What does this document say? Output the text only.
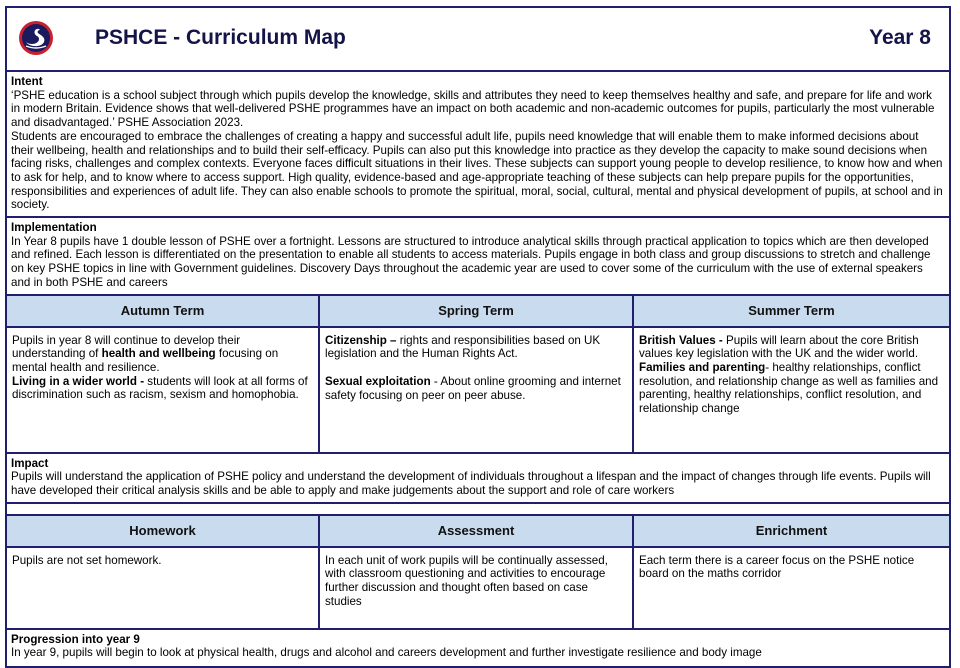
PSHCE - Curriculum Map	Year 8
Intent

‘PSHE education is a school subject through which pupils develop the knowledge, skills and attributes they need to keep themselves healthy and safe, and prepare for life and work in modern Britain. Evidence shows that well-delivered PSHE programmes have an impact on both academic and non-academic outcomes for pupils, particularly the most vulnerable and disadvantaged.’ PSHE Association 2023.

Students are encouraged to embrace the challenges of creating a happy and successful adult life, pupils need knowledge that will enable them to make informed decisions about their wellbeing, health and relationships and to build their self-efficacy. Pupils can also put this knowledge into practice as they develop the capacity to make sound decisions when facing risks, challenges and complex contexts. Everyone faces difficult situations in their lives. These subjects can support young people to develop resilience, to know how and when to ask for help, and to know where to access support. High quality, evidence-based and age-appropriate teaching of these subjects can help prepare pupils for the opportunities, responsibilities and experiences of adult life. They can also enable schools to promote the spiritual, moral, social, cultural, mental and physical development of pupils, at school and in society.

Implementation

In Year 8 pupils have 1 double lesson of PSHE over a fortnight. Lessons are structured to introduce analytical skills through practical application to topics which are then developed and refined. Each lesson is differentiated on the presentation to enable all students to access materials. Pupils engage in both class and group discussions to stretch and challenge on key PSHE topics in line with Government guidelines. Discovery Days throughout the academic year are used to cover some of the curriculum with the use of external speakers and in both PSHE and careers

Autumn Term

Pupils in year 8 will continue to develop their understanding of health and wellbeing focusing on mental health and resilience.

Living in a wider world - students will look at all forms of discrimination such as racism, sexism and homophobia.

Spring Term

Citizenship – rights and responsibilities based on UK legislation and the Human Rights Act.

Sexual exploitation - About online grooming and internet safety focusing on peer on peer abuse.

Summer Term

British Values - Pupils will learn about the core British values key legislation with the UK and the wider world.

Families and parenting- healthy relationships, conflict resolution, and relationship change as well as families and parenting, healthy relationships, conflict resolution, and relationship change

Impact

Pupils will understand the application of PSHE policy and understand the development of individuals throughout a lifespan and the impact of changes through life events. Pupils will have developed their critical analysis skills and be able to apply and make judgements about the support and role of care workers

Homework
Pupils are not set homework.
Assessment
In each unit of work pupils will be continually assessed, with classroom questioning and activities to encourage further discussion and thought often based on case studies
Enrichment
Each term there is a career focus on the PSHE notice board on the maths corridor
Progression into year 9

In year 9, pupils will begin to look at physical health, drugs and alcohol and careers development and further investigate resilience and body image
